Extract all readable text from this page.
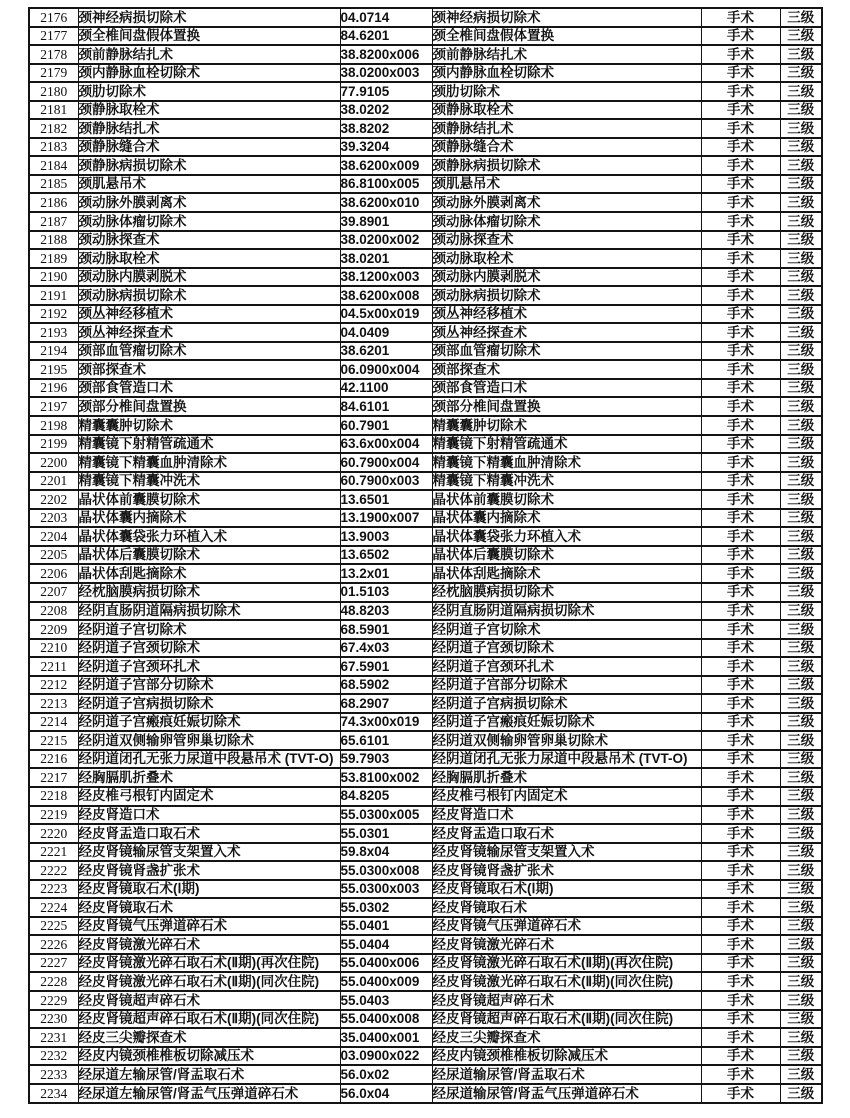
2176	颈神经病损切除术	04.0714	颈神经病损切除术	手术	三级
2177	颈全椎间盘假体置换	84.6201	颈全椎间盘假体置换	手术	三级
2178	颈前静脉结扎术	38.8200x006	颈前静脉结扎术	手术	三级
2179	颈内静脉血栓切除术	38.0200x003	颈内静脉血栓切除术	手术	三级
2180	颈肋切除术	77.9105	颈肋切除术	手术	三级
2181	颈静脉取栓术	38.0202	颈静脉取栓术	手术	三级
2182	颈静脉结扎术	38.8202	颈静脉结扎术	手术	三级
2183	颈静脉缝合术	39.3204	颈静脉缝合术	手术	三级
2184	颈静脉病损切除术	38.6200x009	颈静脉病损切除术	手术	三级
2185	颈肌悬吊术	86.8100x005	颈肌悬吊术	手术	三级
2186	颈动脉外膜剥离术	38.6200x010	颈动脉外膜剥离术	手术	三级
2187	颈动脉体瘤切除术	39.8901	颈动脉体瘤切除术	手术	三级
2188	颈动脉探查术	38.0200x002	颈动脉探查术	手术	三级
2189	颈动脉取栓术	38.0201	颈动脉取栓术	手术	三级
2190	颈动脉内膜剥脱术	38.1200x003	颈动脉内膜剥脱术	手术	三级
2191	颈动脉病损切除术	38.6200x008	颈动脉病损切除术	手术	三级
2192	颈丛神经移植术	04.5x00x019	颈丛神经移植术	手术	三级
2193	颈丛神经探查术	04.0409	颈丛神经探查术	手术	三级
2194	颈部血管瘤切除术	38.6201	颈部血管瘤切除术	手术	三级
2195	颈部探查术	06.0900x004	颈部探查术	手术	三级
2196	颈部食管造口术	42.1100	颈部食管造口术	手术	三级
2197	颈部分椎间盘置换	84.6101	颈部分椎间盘置换	手术	三级
2198	精囊囊肿切除术	60.7901	精囊囊肿切除术	手术	三级
2199	精囊镜下射精管疏通术	63.6x00x004	精囊镜下射精管疏通术	手术	三级
2200	精囊镜下精囊血肿清除术	60.7900x004	精囊镜下精囊血肿清除术	手术	三级
2201	精囊镜下精囊冲洗术	60.7900x003	精囊镜下精囊冲洗术	手术	三级
2202	晶状体前囊膜切除术	13.6501	晶状体前囊膜切除术	手术	三级
2203	晶状体囊内摘除术	13.1900x007	晶状体囊内摘除术	手术	三级
2204	晶状体囊袋张力环植入术	13.9003	晶状体囊袋张力环植入术	手术	三级
2205	晶状体后囊膜切除术	13.6502	晶状体后囊膜切除术	手术	三级
2206	晶状体刮匙摘除术	13.2x01	晶状体刮匙摘除术	手术	三级
2207	经枕脑膜病损切除术	01.5103	经枕脑膜病损切除术	手术	三级
2208	经阴直肠阴道隔病损切除术	48.8203	经阴直肠阴道隔病损切除术	手术	三级
2209	经阴道子宫切除术	68.5901	经阴道子宫切除术	手术	三级
2210	经阴道子宫颈切除术	67.4x03	经阴道子宫颈切除术	手术	三级
2211	经阴道子宫颈环扎术	67.5901	经阴道子宫颈环扎术	手术	三级
2212	经阴道子宫部分切除术	68.5902	经阴道子宫部分切除术	手术	三级
2213	经阴道子宫病损切除术	68.2907	经阴道子宫病损切除术	手术	三级
2214	经阴道子宫瘢痕妊娠切除术	74.3x00x019	经阴道子宫瘢痕妊娠切除术	手术	三级
2215	经阴道双侧输卵管卵巢切除术	65.6101	经阴道双侧输卵管卵巢切除术	手术	三级
2216	经阴道闭孔无张力尿道中段悬吊术 (TVT-O)	59.7903	经阴道闭孔无张力尿道中段悬吊术 (TVT-O)	手术	三级
2217	经胸膈肌折叠术	53.8100x002	经胸膈肌折叠术	手术	三级
2218	经皮椎弓根钉内固定术	84.8205	经皮椎弓根钉内固定术	手术	三级
2219	经皮肾造口术	55.0300x005	经皮肾造口术	手术	三级
2220	经皮肾盂造口取石术	55.0301	经皮肾盂造口取石术	手术	三级
2221	经皮肾镜输尿管支架置入术	59.8x04	经皮肾镜输尿管支架置入术	手术	三级
2222	经皮肾镜肾盏扩张术	55.0300x008	经皮肾镜肾盏扩张术	手术	三级
2223	经皮肾镜取石术(Ⅰ期)	55.0300x003	经皮肾镜取石术(Ⅰ期)	手术	三级
2224	经皮肾镜取石术	55.0302	经皮肾镜取石术	手术	三级
2225	经皮肾镜气压弹道碎石术	55.0401	经皮肾镜气压弹道碎石术	手术	三级
2226	经皮肾镜激光碎石术	55.0404	经皮肾镜激光碎石术	手术	三级
2227	经皮肾镜激光碎石取石术(Ⅱ期)(再次住院)	55.0400x006	经皮肾镜激光碎石取石术(Ⅱ期)(再次住院)	手术	三级
2228	经皮肾镜激光碎石取石术(Ⅱ期)(同次住院)	55.0400x009	经皮肾镜激光碎石取石术(Ⅱ期)(同次住院)	手术	三级
2229	经皮肾镜超声碎石术	55.0403	经皮肾镜超声碎石术	手术	三级
2230	经皮肾镜超声碎石取石术(Ⅱ期)(同次住院)	55.0400x008	经皮肾镜超声碎石取石术(Ⅱ期)(同次住院)	手术	三级
2231	经皮三尖瓣探查术	35.0400x001	经皮三尖瓣探查术	手术	三级
2232	经皮内镜颈椎椎板切除减压术	03.0900x022	经皮内镜颈椎椎板切除减压术	手术	三级
2233	经尿道左输尿管/肾盂取石术	56.0x02	经尿道输尿管/肾盂取石术	手术	三级
2234	经尿道左输尿管/肾盂气压弹道碎石术	56.0x04	经尿道输尿管/肾盂气压弹道碎石术	手术	三级
